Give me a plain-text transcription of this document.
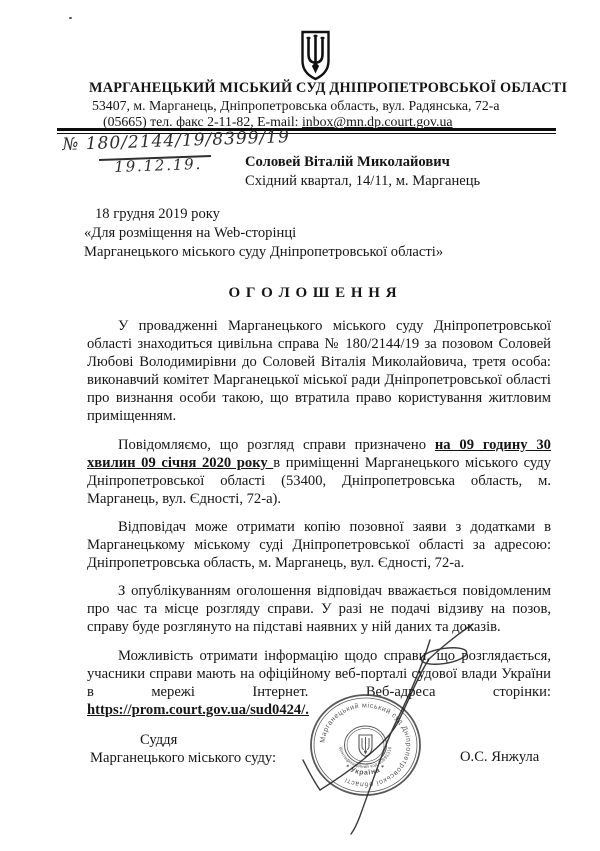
МАРГАНЕЦЬКИЙ МІСЬКИЙ СУД ДНІПРОПЕТРОВСЬКОЇ ОБЛАСТІ
53407, м. Марганець, Дніпропетровська область, вул. Радянська, 72-а
(05665) тел. факс 2-11-82, E-mail: inbox@mn.dp.court.gov.ua
№ 180/2144/19/8399/19
19.12.19.	Соловей Віталій Миколайович
Східний квартал, 14/11, м. Марганець
18 грудня 2019 року
«Для розміщення на Web-сторінці
Марганецького міського суду Дніпропетровської області»
О Г О Л О Ш Е Н Н Я

У провадженні Марганецького міського суду Дніпропетровської області знаходиться цивільна справа № 180/2144/19 за позовом Соловей Любові Володимирівни до Соловей Віталія Миколайовича, третя особа: виконавчий комітет Марганецької міської ради Дніпропетровської області про визнання особи такою, що втратила право користування житловим приміщенням.

Повідомляємо, що розгляд справи призначено на 09 годину 30 хвилин 09 січня 2020 року в приміщенні Марганецького міського суду Дніпропетровської області (53400, Дніпропетровська область, м. Марганець, вул. Єдності, 72-а).

Відповідач може отримати копію позовної заяви з додатками в Марганецькому міському суді Дніпропетровської області за адресою: Дніпропетровська область, м. Марганець, вул. Єдності, 72-а.

З опублікуванням оголошення відповідач вважається повідомленим про час та місце розгляду справи. У разі не подачі відзиву на позов, справу буде розглянуто на підставі наявних у ній даних та доказів.

Можливість отримати інформацію щодо справи, що розглядається, учасники справи мають на офіційному веб-порталі судової влади України в мережі Інтернет. Веб-адреса сторінки: https://prom.court.gov.ua/sud0424/.

Суддя
Марганецького міського суду:	О.С. Янжула
Марганецький міський суд Дніпропетровської області
* Україна *
ідентифікаційний код 02891316
